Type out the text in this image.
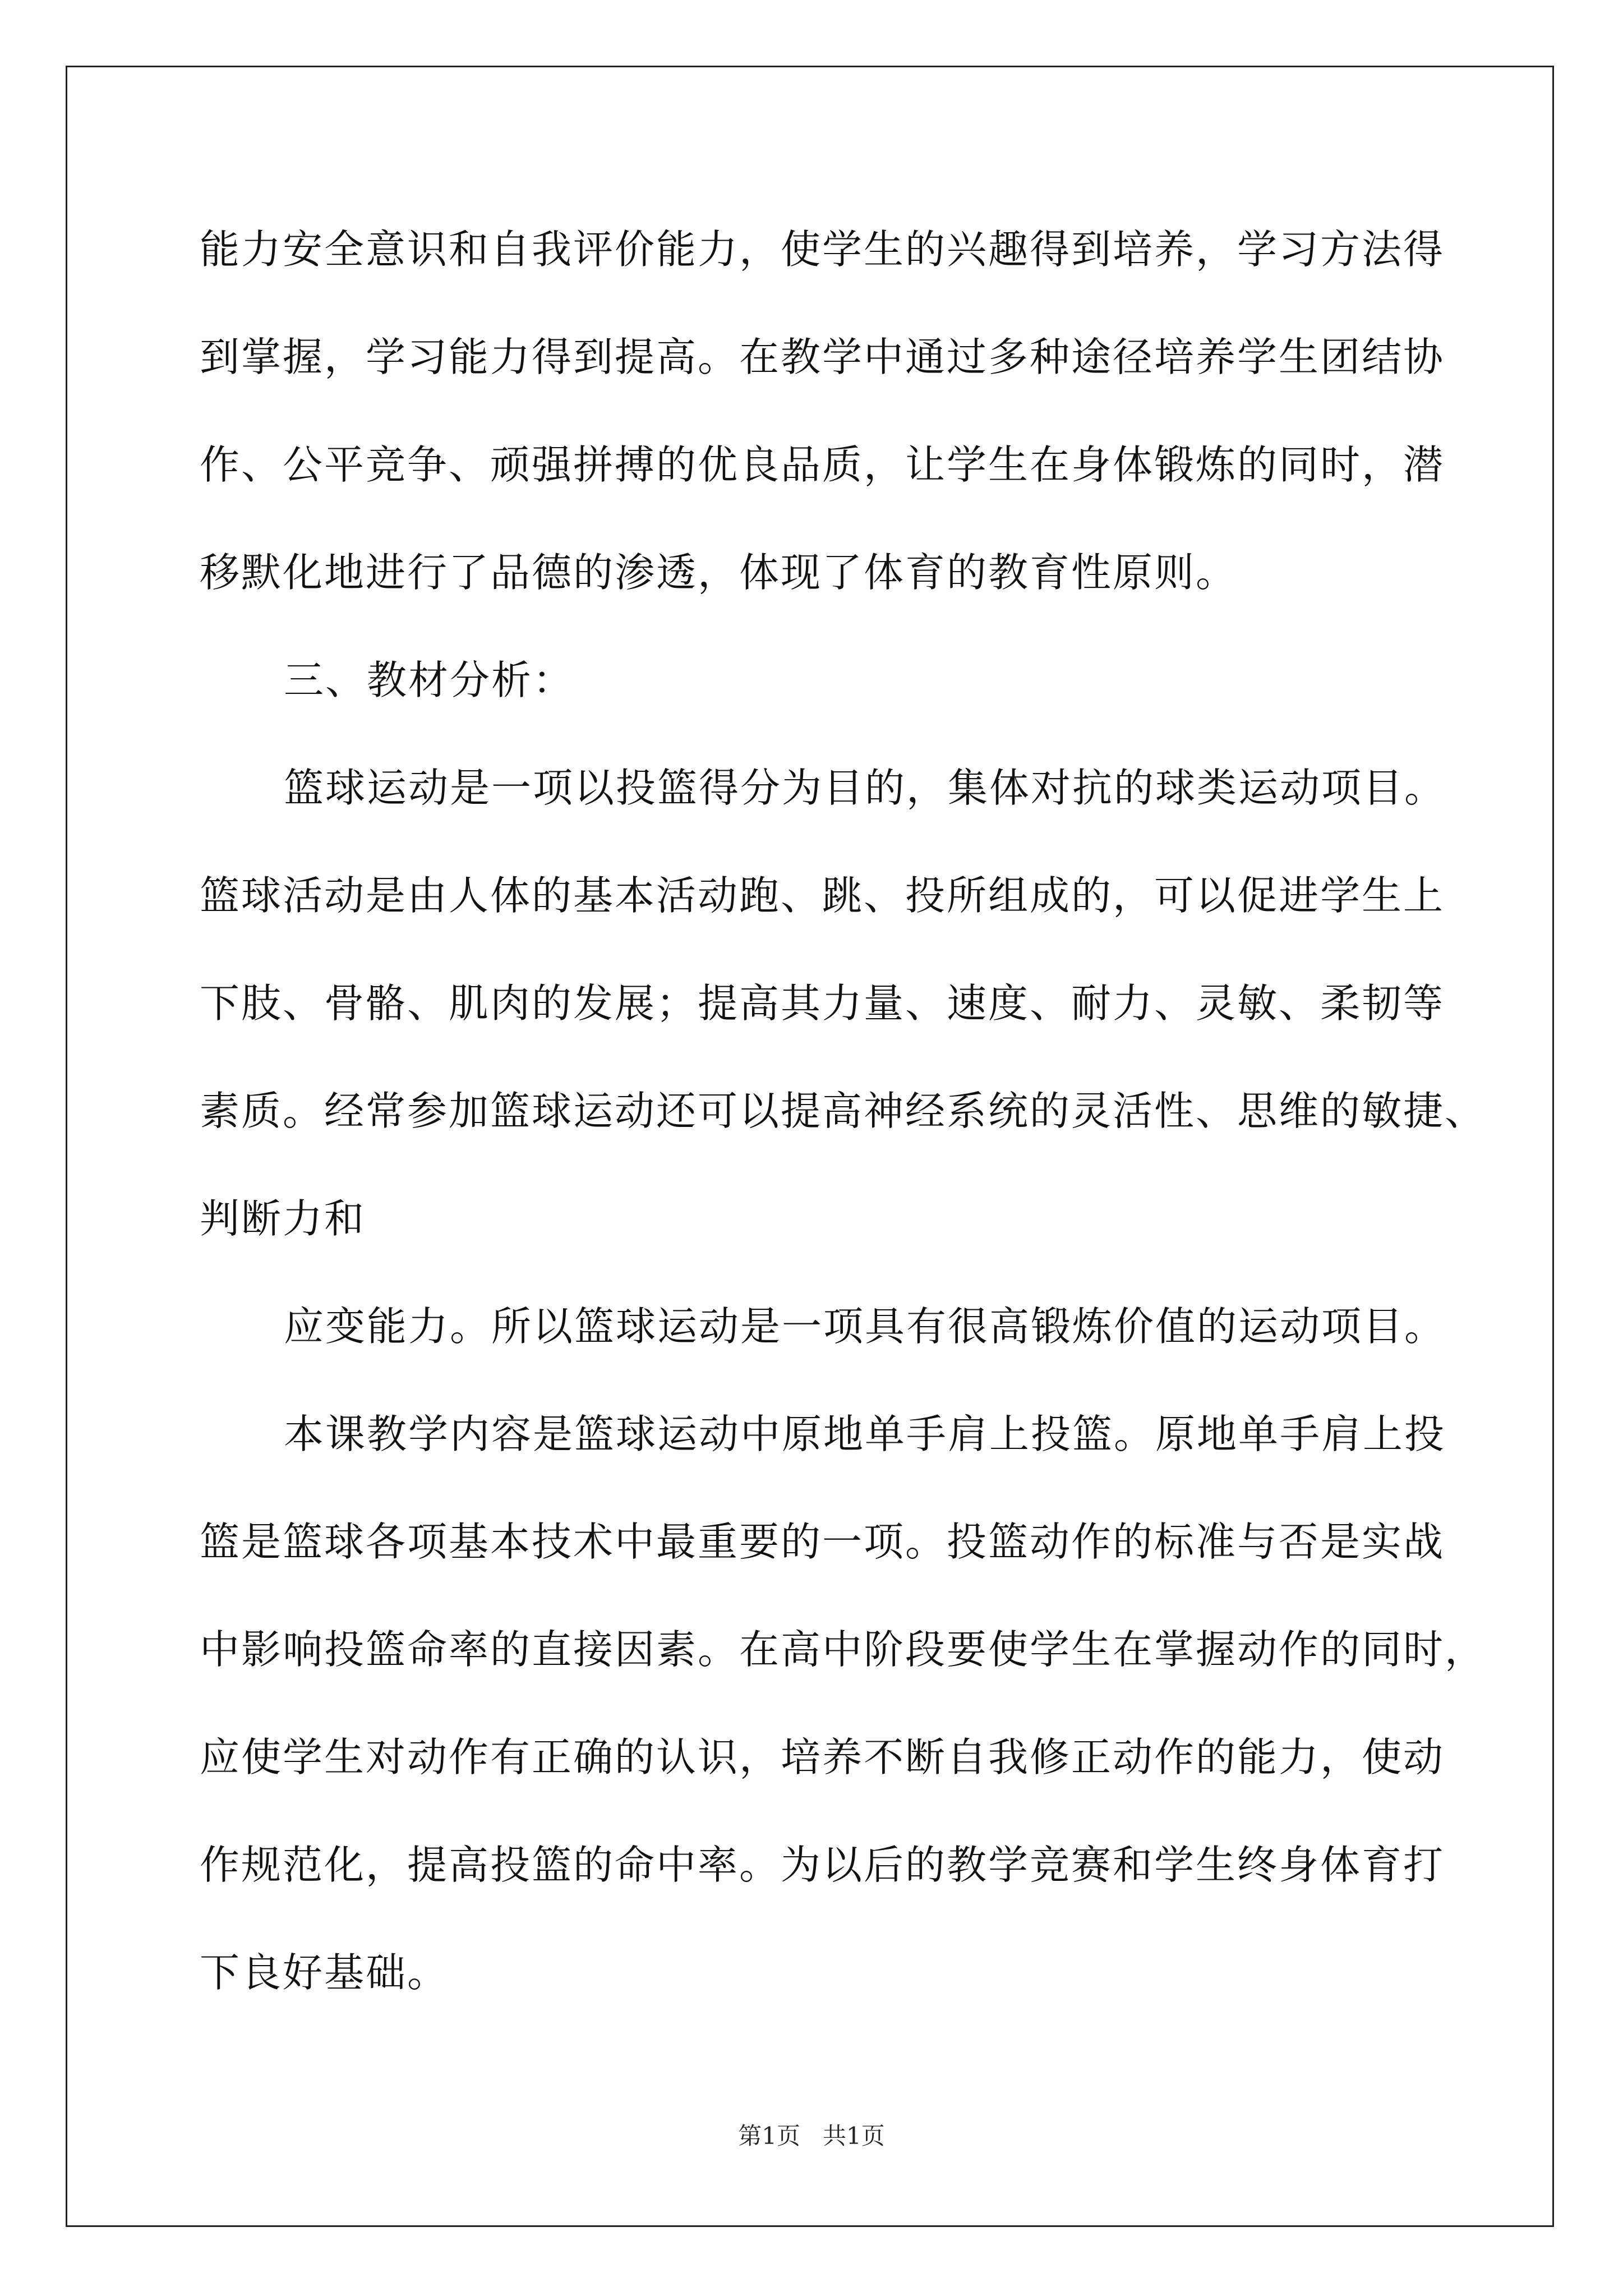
能力安全意识和自我评价能力，使学生的兴趣得到培养，学习方法得
到掌握，学习能力得到提高。在教学中通过多种途径培养学生团结协
作、公平竞争、顽强拼搏的优良品质，让学生在身体锻炼的同时，潜
移默化地进行了品德的渗透，体现了体育的教育性原则。
三、教材分析：
篮球运动是一项以投篮得分为目的，集体对抗的球类运动项目。
篮球活动是由人体的基本活动跑、跳、投所组成的，可以促进学生上
下肢、骨骼、肌肉的发展；提高其力量、速度、耐力、灵敏、柔韧等
素质。经常参加篮球运动还可以提高神经系统的灵活性、思维的敏捷、
判断力和
应变能力。所以篮球运动是一项具有很高锻炼价值的运动项目。
本课教学内容是篮球运动中原地单手肩上投篮。原地单手肩上投
篮是篮球各项基本技术中最重要的一项。投篮动作的标准与否是实战
中影响投篮命率的直接因素。在高中阶段要使学生在掌握动作的同时，
应使学生对动作有正确的认识，培养不断自我修正动作的能力，使动
作规范化，提高投篮的命中率。为以后的教学竞赛和学生终身体育打
下良好基础。
第1页   共1页
